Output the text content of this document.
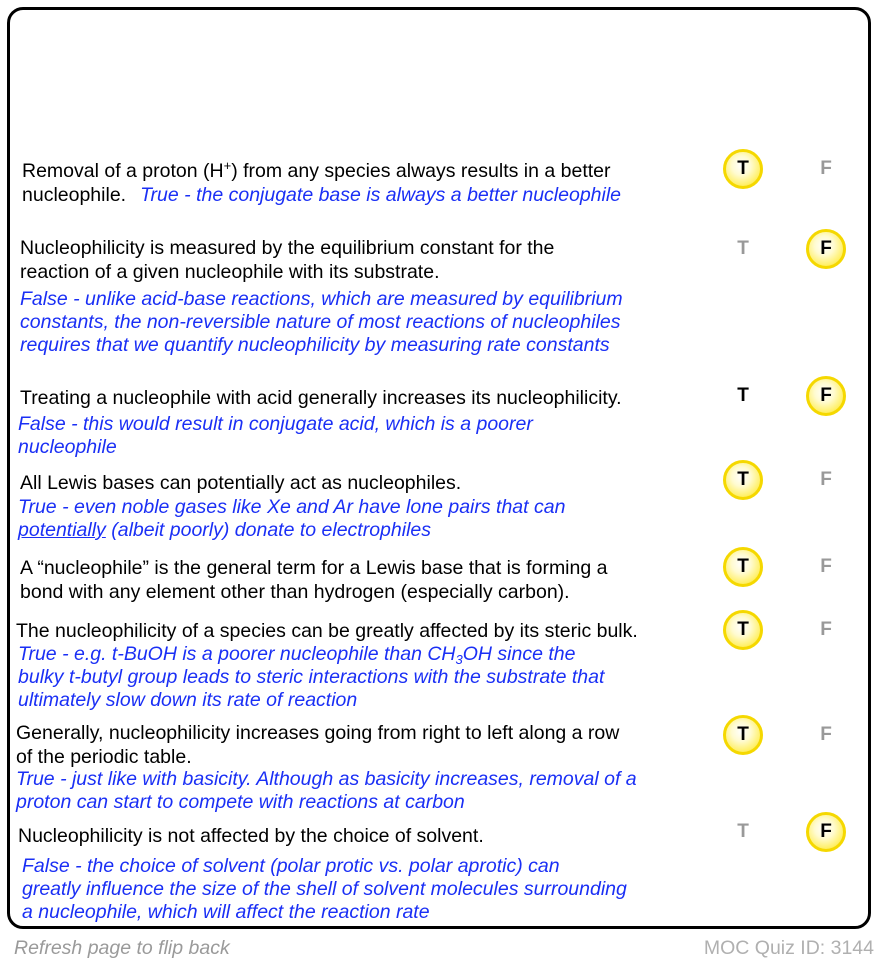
Removal of a proton (H+) from any species always results in a better
nucleophile. True - the conjugate base is always a better nucleophile
T	F
Nucleophilicity is measured by the equilibrium constant for the
reaction of a given nucleophile with its substrate.
False - unlike acid-base reactions, which are measured by equilibrium
constants, the non-reversible nature of most reactions of nucleophiles
requires that we quantify nucleophilicity by measuring rate constants
T	F
Treating a nucleophile with acid generally increases its nucleophilicity.
False - this would result in conjugate acid, which is a poorer
nucleophile
T	F
All Lewis bases can potentially act as nucleophiles.
True - even noble gases like Xe and Ar have lone pairs that can
potentially (albeit poorly) donate to electrophiles
T	F
A “nucleophile” is the general term for a Lewis base that is forming a
bond with any element other than hydrogen (especially carbon).
T	F
The nucleophilicity of a species can be greatly affected by its steric bulk.
True - e.g. t-BuOH is a poorer nucleophile than $CH_3OH$ since the
bulky t-butyl group leads to steric interactions with the substrate that
ultimately slow down its rate of reaction
T	F
Generally, nucleophilicity increases going from right to left along a row
of the periodic table.
True - just like with basicity. Although as basicity increases, removal of a
proton can start to compete with reactions at carbon
T	F
Nucleophilicity is not affected by the choice of solvent.
False - the choice of solvent (polar protic vs. polar aprotic) can
greatly influence the size of the shell of solvent molecules surrounding
a nucleophile, which will affect the reaction rate
T	F
Refresh page to flip back	MOC Quiz ID: 3144
